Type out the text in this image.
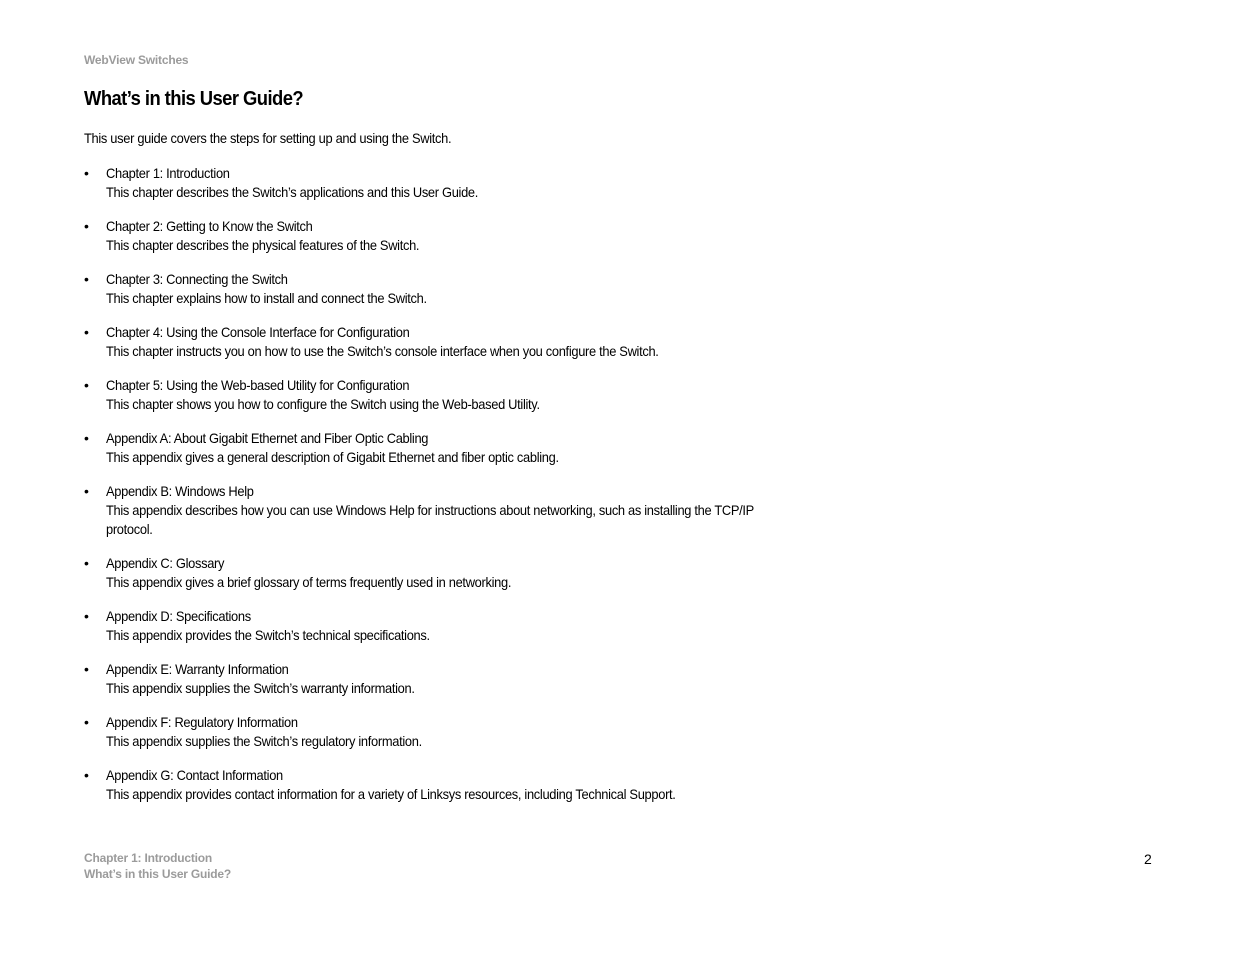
WebView Switches
What’s in this User Guide?

This user guide covers the steps for setting up and using the Switch.

• Chapter 1: Introduction
This chapter describes the Switch’s applications and this User Guide.
• Chapter 2: Getting to Know the Switch
This chapter describes the physical features of the Switch.
• Chapter 3: Connecting the Switch
This chapter explains how to install and connect the Switch.
• Chapter 4: Using the Console Interface for Configuration
This chapter instructs you on how to use the Switch’s console interface when you configure the Switch.
• Chapter 5: Using the Web-based Utility for Configuration
This chapter shows you how to configure the Switch using the Web-based Utility.
• Appendix A: About Gigabit Ethernet and Fiber Optic Cabling
This appendix gives a general description of Gigabit Ethernet and fiber optic cabling.
• Appendix B: Windows Help
This appendix describes how you can use Windows Help for instructions about networking, such as installing the TCP/IP protocol.
• Appendix C: Glossary
This appendix gives a brief glossary of terms frequently used in networking.
• Appendix D: Specifications
This appendix provides the Switch’s technical specifications.
• Appendix E: Warranty Information
This appendix supplies the Switch’s warranty information.
• Appendix F: Regulatory Information
This appendix supplies the Switch’s regulatory information.
• Appendix G: Contact Information
This appendix provides contact information for a variety of Linksys resources, including Technical Support.
Chapter 1: Introduction
What’s in this User Guide?
2
